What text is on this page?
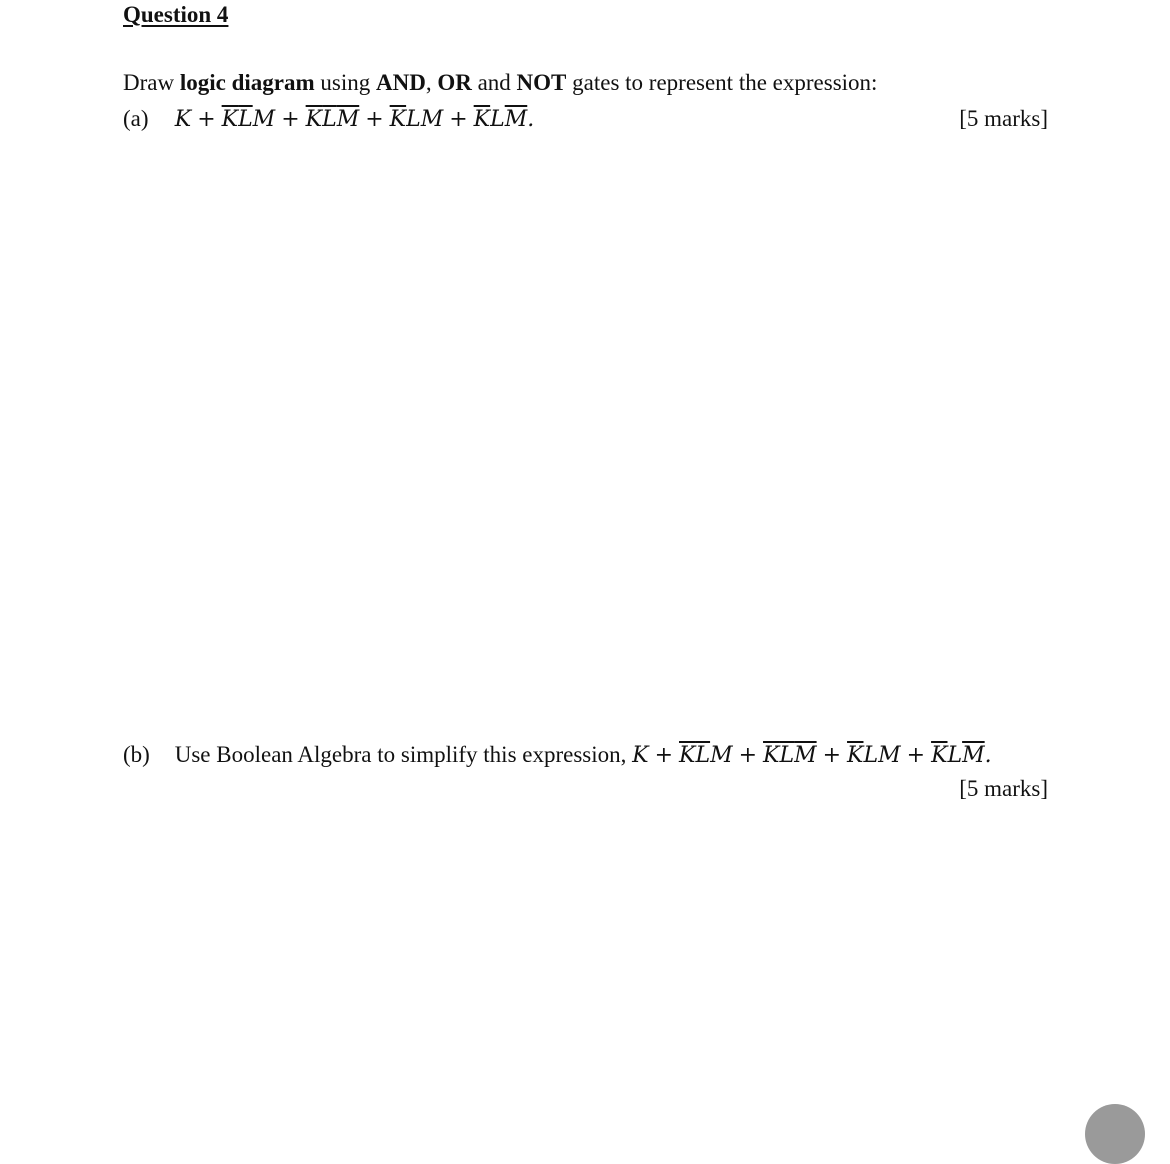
Question 4
Draw logic diagram using AND, OR and NOT gates to represent the expression:
(a) $K + \overline{K}\overline{L}M + \overline{K}\overline{L}\overline{M} + \overline{K}LM + \overline{K}L\overline{M}$.	[5 marks]
(b) Use Boolean Algebra to simplify this expression, $K + \overline{K}\overline{L}M + \overline{K}\overline{L}\overline{M} + \overline{K}LM + \overline{K}L\overline{M}$.
[5 marks]
